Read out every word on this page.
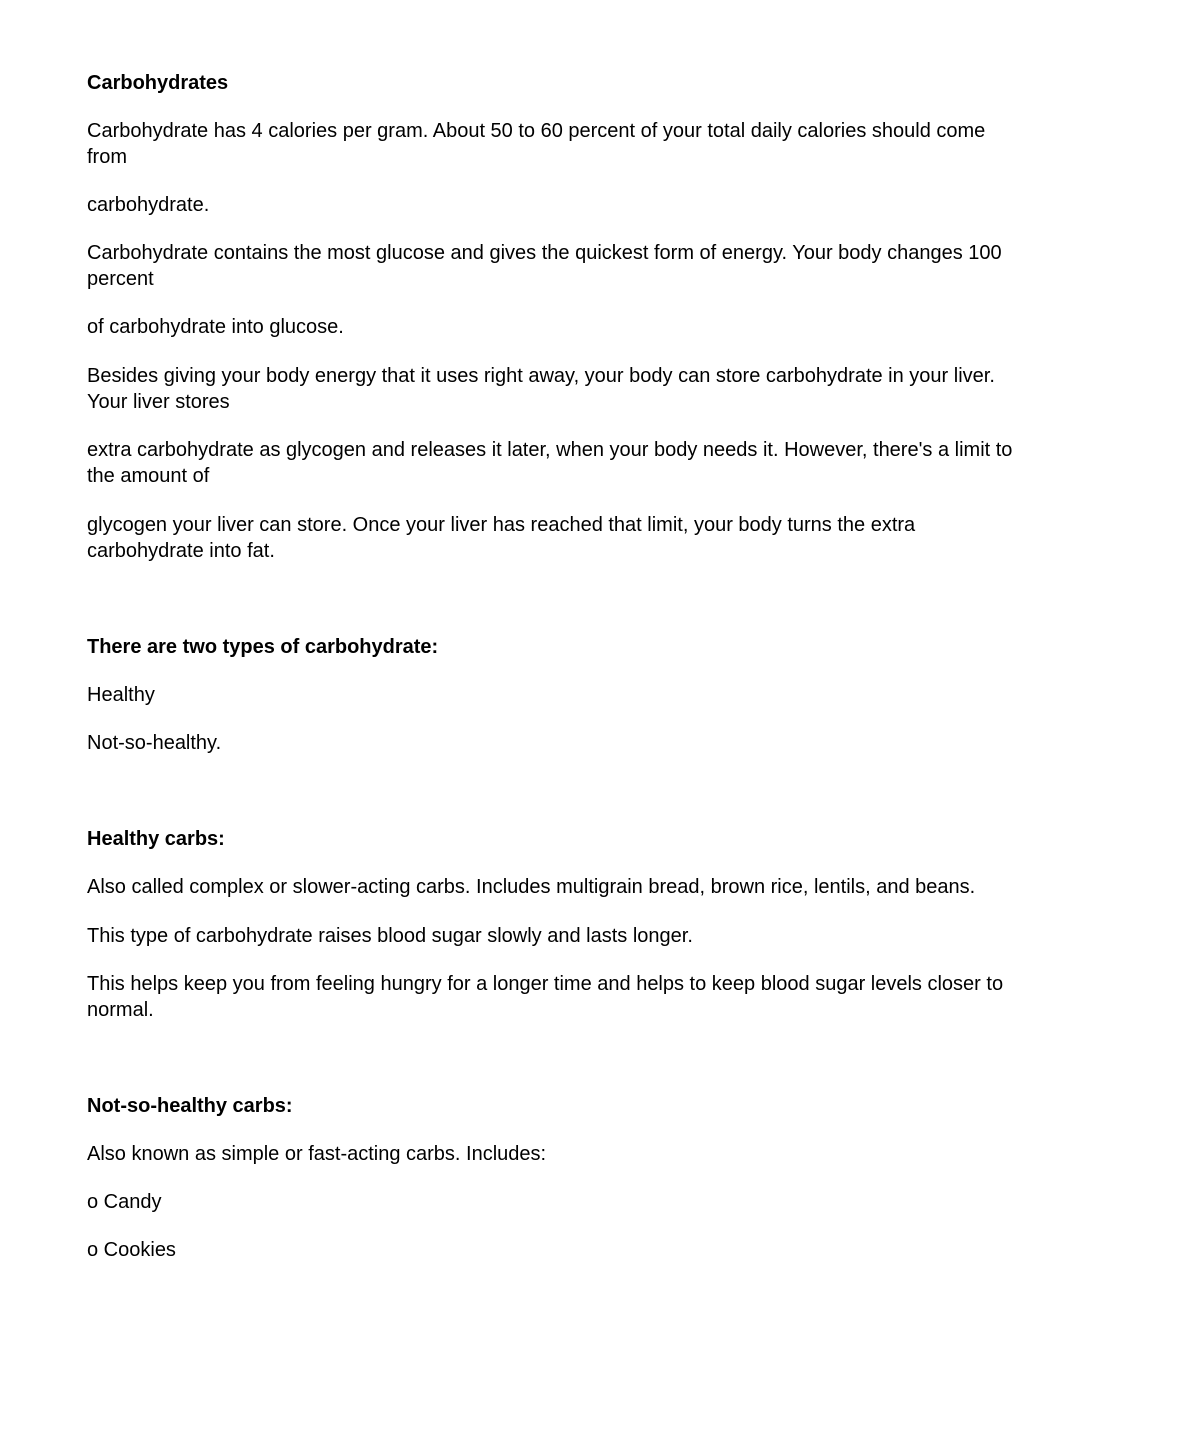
Carbohydrates
Carbohydrate has 4 calories per gram. About 50 to 60 percent of your total daily calories should come from
carbohydrate.
Carbohydrate contains the most glucose and gives the quickest form of energy. Your body changes 100 percent
of carbohydrate into glucose.
Besides giving your body energy that it uses right away, your body can store carbohydrate in your liver. Your liver stores
extra carbohydrate as glycogen and releases it later, when your body needs it. However, there's a limit to the amount of
glycogen your liver can store. Once your liver has reached that limit, your body turns the extra carbohydrate into fat.
There are two types of carbohydrate:
Healthy
Not-so-healthy.
Healthy carbs:
Also called complex or slower-acting carbs. Includes multigrain bread, brown rice, lentils, and beans.
This type of carbohydrate raises blood sugar slowly and lasts longer.
This helps keep you from feeling hungry for a longer time and helps to keep blood sugar levels closer to normal.
Not-so-healthy carbs:
Also known as simple or fast-acting carbs. Includes:
o Candy
o Cookies
